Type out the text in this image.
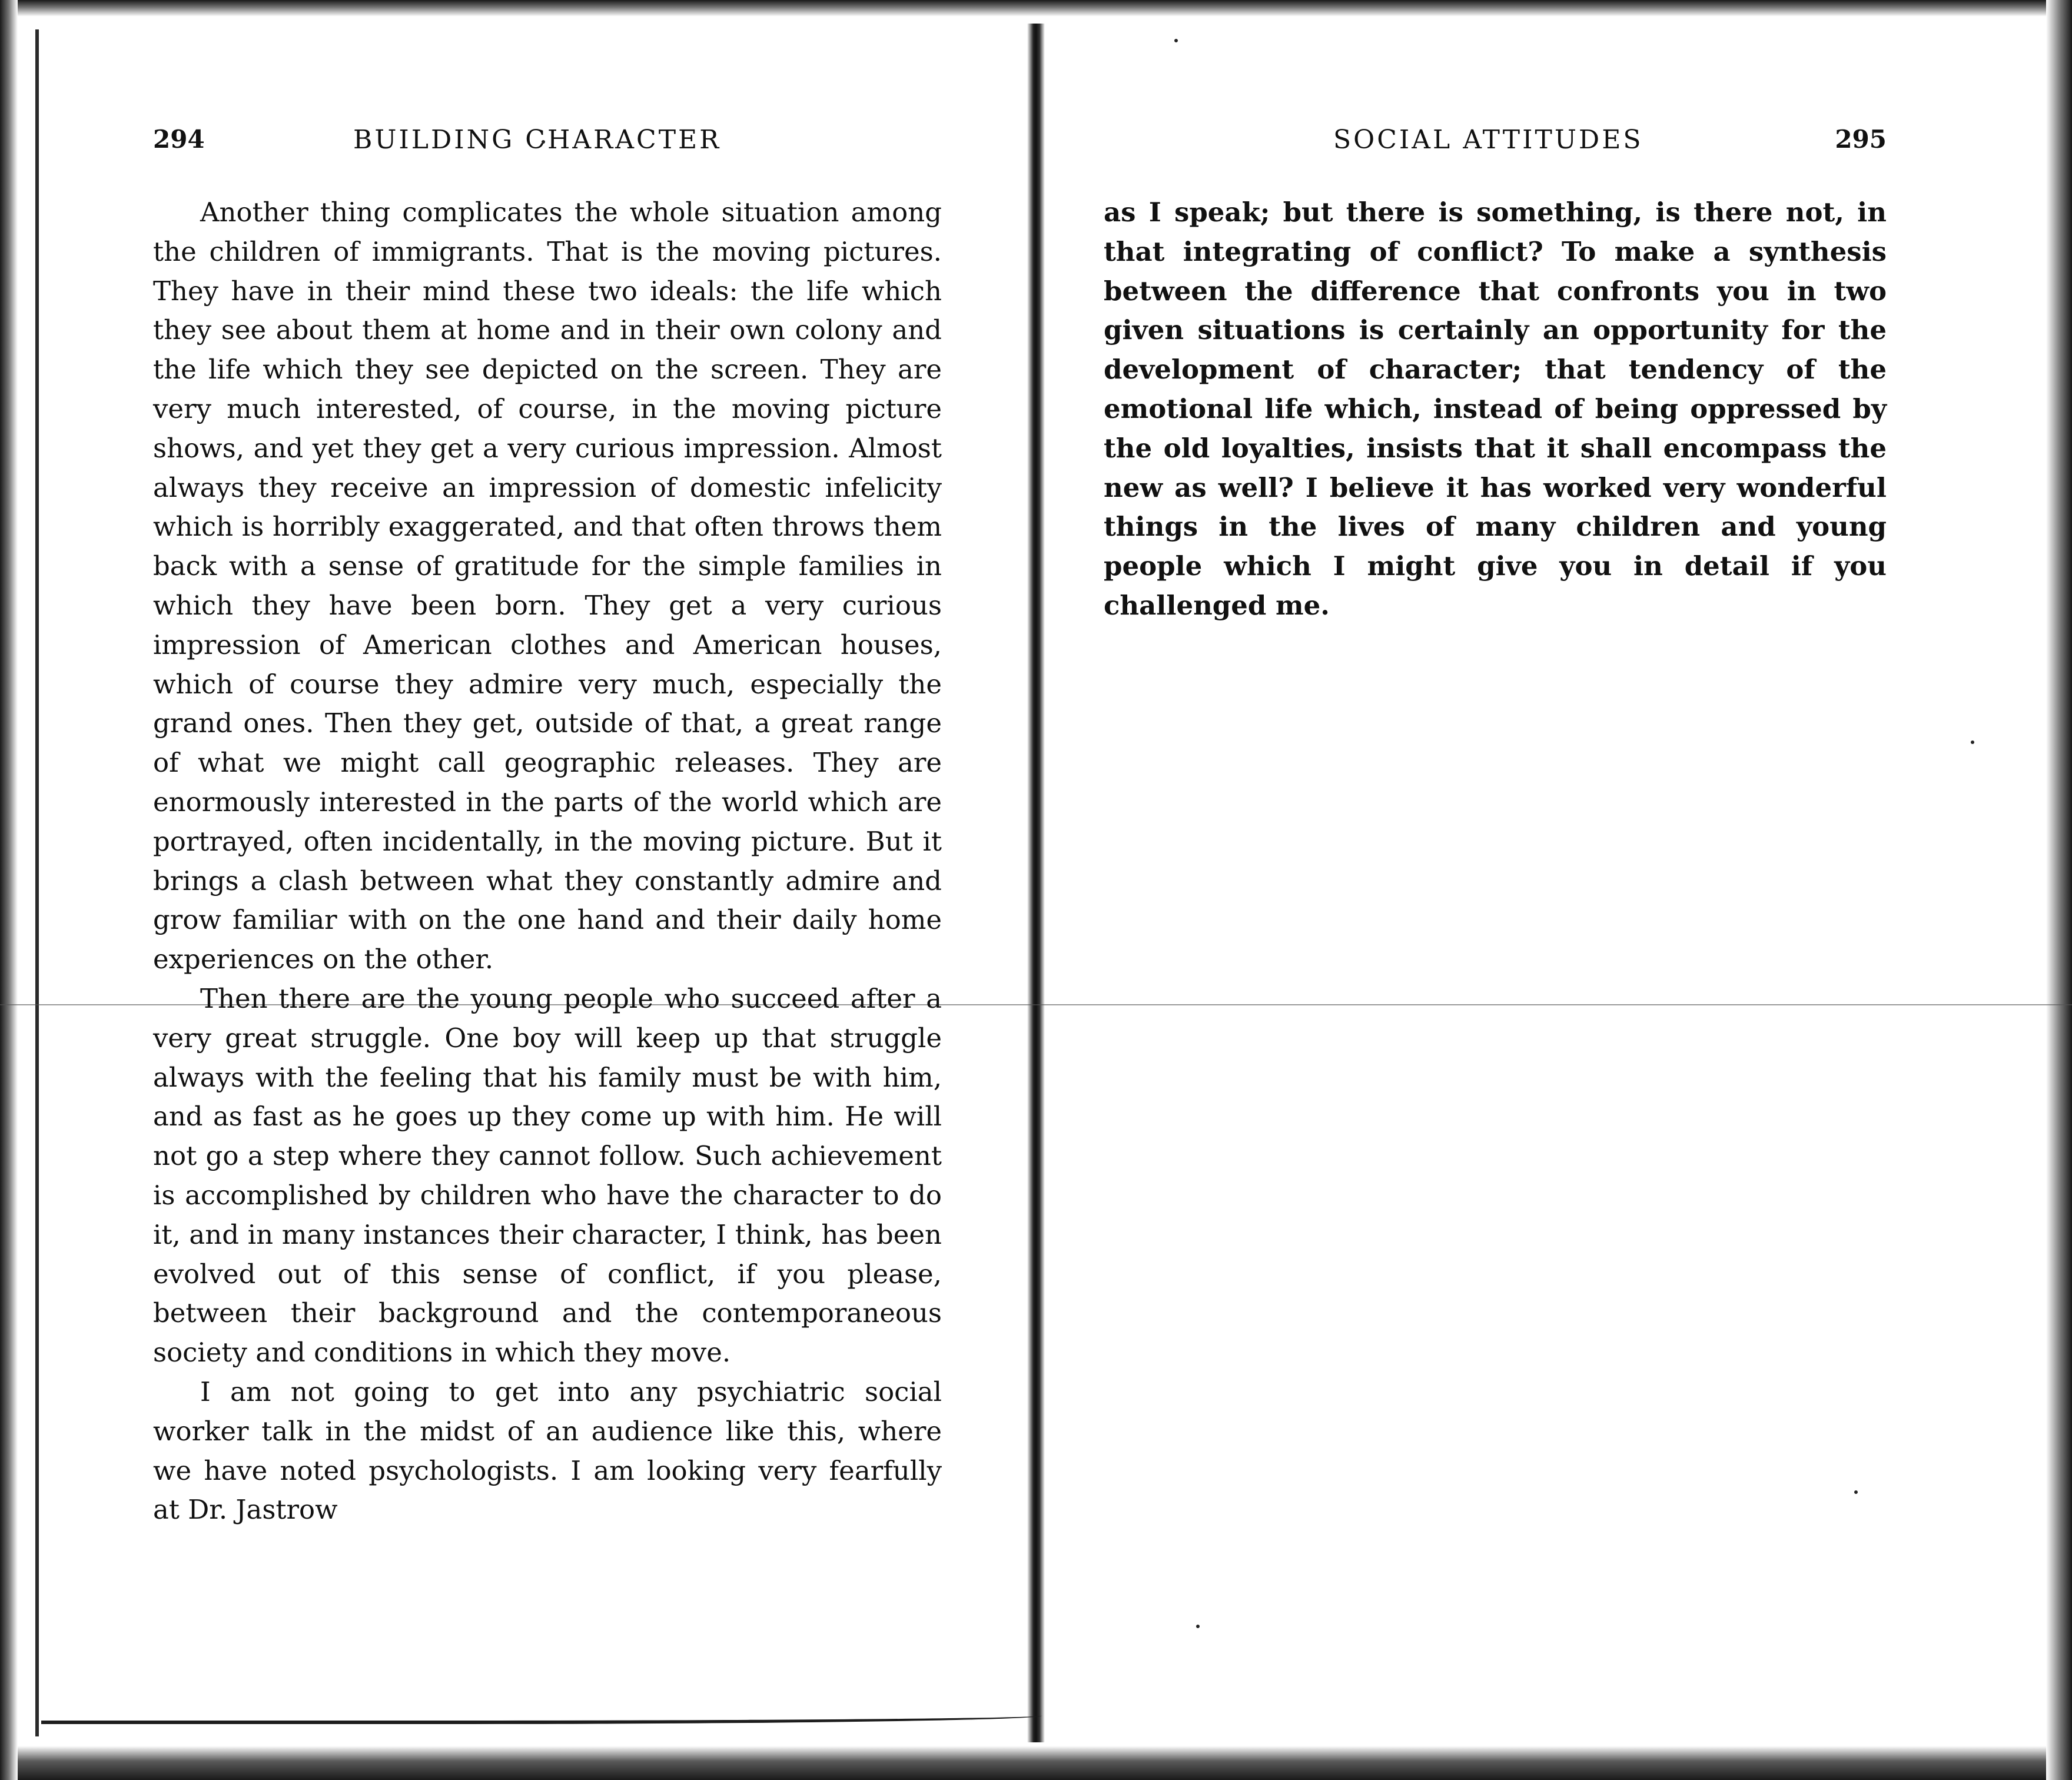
294	BUILDING CHARACTER

Another thing complicates the whole situation among the children of immigrants. That is the moving pictures. They have in their mind these two ideals: the life which they see about them at home and in their own colony and the life which they see depicted on the screen. They are very much interested, of course, in the moving picture shows, and yet they get a very curious impression. Almost always they receive an impression of domestic infelicity which is horribly exaggerated, and that often throws them back with a sense of gratitude for the simple families in which they have been born. They get a very curious impression of American clothes and American houses, which of course they admire very much, especially the grand ones. Then they get, outside of that, a great range of what we might call geographic releases. They are enormously interested in the parts of the world which are portrayed, often incidentally, in the moving picture. But it brings a clash between what they constantly admire and grow familiar with on the one hand and their daily home experiences on the other.

Then there are the young people who succeed after a very great struggle. One boy will keep up that struggle always with the feeling that his family must be with him, and as fast as he goes up they come up with him. He will not go a step where they cannot follow. Such achievement is accomplished by children who have the character to do it, and in many instances their character, I think, has been evolved out of this sense of conflict, if you please, between their background and the contemporaneous society and conditions in which they move.

I am not going to get into any psychiatric social worker talk in the midst of an audience like this, where we have noted psychologists. I am looking very fearfully at Dr. Jastrow

SOCIAL ATTITUDES	295

as I speak; but there is something, is there not, in that integrating of conflict? To make a synthesis between the difference that confronts you in two given situations is certainly an opportunity for the development of character; that tendency of the emotional life which, instead of being oppressed by the old loyalties, insists that it shall encompass the new as well? I believe it has worked very wonderful things in the lives of many children and young people which I might give you in detail if you challenged me.
